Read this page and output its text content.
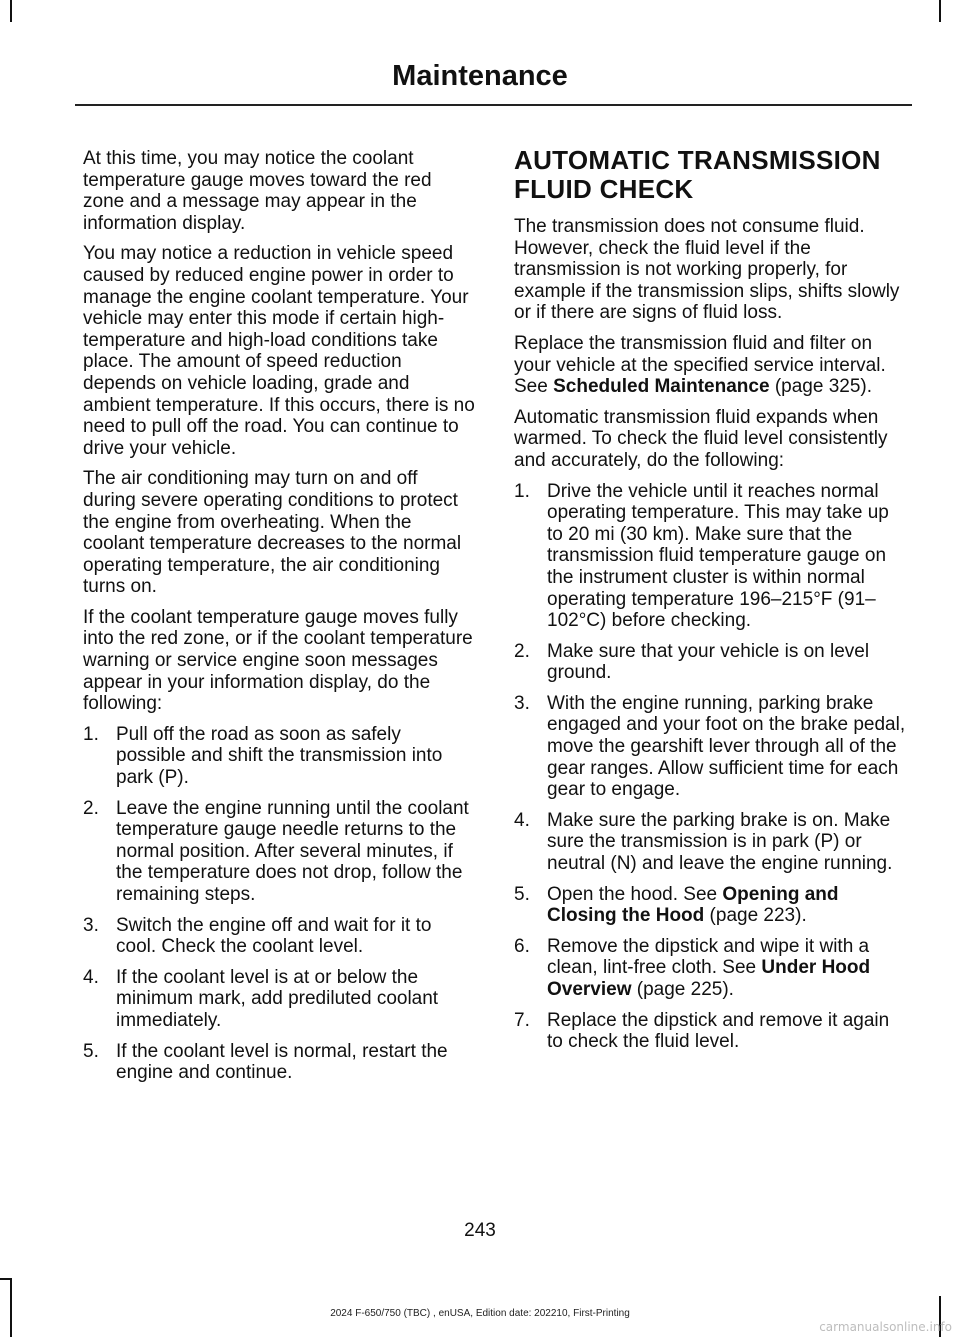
Maintenance

At this time, you may notice the coolant temperature gauge moves toward the red zone and a message may appear in the information display.

You may notice a reduction in vehicle speed caused by reduced engine power in order to manage the engine coolant temperature. Your vehicle may enter this mode if certain high-temperature and high-load conditions take place. The amount of speed reduction depends on vehicle loading, grade and ambient temperature. If this occurs, there is no need to pull off the road. You can continue to drive your vehicle.

The air conditioning may turn on and off during severe operating conditions to protect the engine from overheating. When the coolant temperature decreases to the normal operating temperature, the air conditioning turns on.

If the coolant temperature gauge moves fully into the red zone, or if the coolant temperature warning or service engine soon messages appear in your information display, do the following:

1. Pull off the road as soon as safely possible and shift the transmission into park (P).
2. Leave the engine running until the coolant temperature gauge needle returns to the normal position. After several minutes, if the temperature does not drop, follow the remaining steps.
3. Switch the engine off and wait for it to cool. Check the coolant level.
4. If the coolant level is at or below the minimum mark, add prediluted coolant immediately.
5. If the coolant level is normal, restart the engine and continue.
AUTOMATIC TRANSMISSION
FLUID CHECK

The transmission does not consume fluid. However, check the fluid level if the transmission is not working properly, for example if the transmission slips, shifts slowly or if there are signs of fluid loss.

Replace the transmission fluid and filter on your vehicle at the specified service interval. See Scheduled Maintenance (page 325).

Automatic transmission fluid expands when warmed. To check the fluid level consistently and accurately, do the following:

1. Drive the vehicle until it reaches normal operating temperature. This may take up to 20 mi (30 km). Make sure that the transmission fluid temperature gauge on the instrument cluster is within normal operating temperature 196–215°F (91–102°C) before checking.
2. Make sure that your vehicle is on level ground.
3. With the engine running, parking brake engaged and your foot on the brake pedal, move the gearshift lever through all of the gear ranges. Allow sufficient time for each gear to engage.
4. Make sure the parking brake is on. Make sure the transmission is in park (P) or neutral (N) and leave the engine running.
5. Open the hood. See Opening and Closing the Hood (page 223).
6. Remove the dipstick and wipe it with a clean, lint-free cloth. See Under Hood Overview (page 225).
7. Replace the dipstick and remove it again to check the fluid level.
243
2024 F-650/750 (TBC) , enUSA, Edition date: 202210, First-Printing
carmanualsonline.info
